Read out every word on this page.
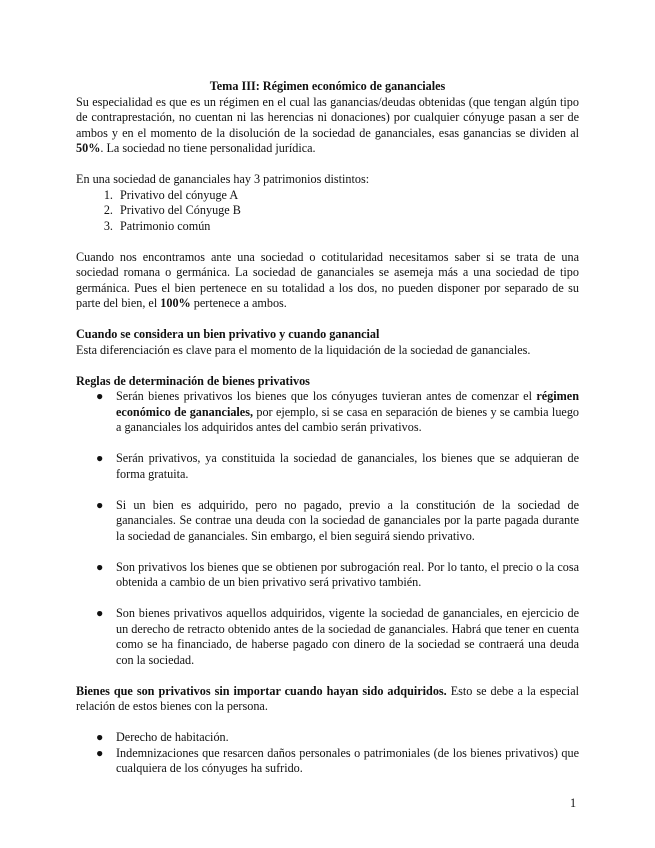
Tema III: Régimen económico de gananciales

Su especialidad es que es un régimen en el cual las ganancias/deudas obtenidas (que tengan algún tipo de contraprestación, no cuentan ni las herencias ni donaciones) por cualquier cónyuge pasan a ser de ambos y en el momento de la disolución de la sociedad de gananciales, esas ganancias se dividen al 50%. La sociedad no tiene personalidad jurídica.

En una sociedad de gananciales hay 3 patrimonios distintos:

1. Privativo del cónyuge A
2. Privativo del Cónyuge B
3. Patrimonio común

Cuando nos encontramos ante una sociedad o cotitularidad necesitamos saber si se trata de una sociedad romana o germánica. La sociedad de gananciales se asemeja más a una sociedad de tipo germánica. Pues el bien pertenece en su totalidad a los dos, no pueden disponer por separado de su parte del bien, el 100% pertenece a ambos.

Cuando se considera un bien privativo y cuando ganancial

Esta diferenciación es clave para el momento de la liquidación de la sociedad de gananciales.

Reglas de determinación de bienes privativos

● Serán bienes privativos los bienes que los cónyuges tuvieran antes de comenzar el régimen económico de gananciales, por ejemplo, si se casa en separación de bienes y se cambia luego a gananciales los adquiridos antes del cambio serán privativos.
● Serán privativos, ya constituida la sociedad de gananciales, los bienes que se adquieran de forma gratuita.
● Si un bien es adquirido, pero no pagado, previo a la constitución de la sociedad de gananciales. Se contrae una deuda con la sociedad de gananciales por la parte pagada durante la sociedad de gananciales. Sin embargo, el bien seguirá siendo privativo.
● Son privativos los bienes que se obtienen por subrogación real. Por lo tanto, el precio o la cosa obtenida a cambio de un bien privativo será privativo también.
● Son bienes privativos aquellos adquiridos, vigente la sociedad de gananciales, en ejercicio de un derecho de retracto obtenido antes de la sociedad de gananciales. Habrá que tener en cuenta como se ha financiado, de haberse pagado con dinero de la sociedad se contraerá una deuda con la sociedad.

Bienes que son privativos sin importar cuando hayan sido adquiridos. Esto se debe a la especial relación de estos bienes con la persona.

● Derecho de habitación.
● Indemnizaciones que resarcen daños personales o patrimoniales (de los bienes privativos) que cualquiera de los cónyuges ha sufrido.
1
